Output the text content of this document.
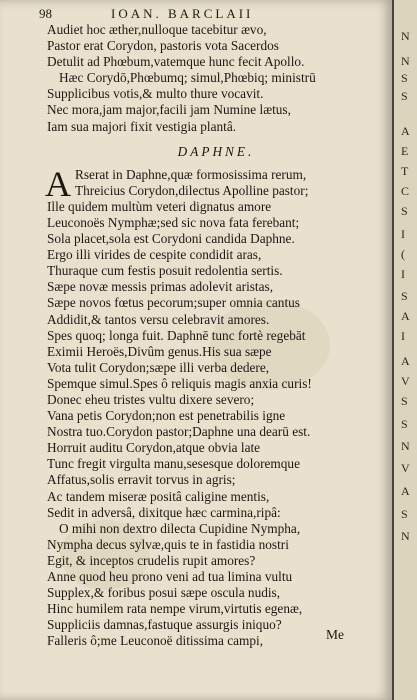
98	IOAN. BARCLAII
Audiet hoc æther,nulloque tacebitur ævo,
Pastor erat Corydon, pastoris vota Sacerdos
Detulit ad Phœbum,vatemque hunc fecit Apollo.
Hæc Corydō,Phœbumq; simul,Phœbiq; ministrū
Supplicibus votis,& multo thure vocavit.
Nec mora,jam major,facili jam Numine lætus,
Iam sua majori fixit vestigia plantâ.
DAPHNE.
A Rserat in Daphne,quæ formosissima rerum,
Threicius Corydon,dilectus Apolline pastor;
Ille quidem multùm veteri dignatus amore
Leuconoës Nymphæ;sed sic nova fata ferebant;
Sola placet,sola est Corydoni candida Daphne.
Ergo illi virides de cespite condidit aras,
Thuraque cum festis posuit redolentia sertis.
Sæpe novæ messis primas adolevit aristas,
Sæpe novos fœtus pecorum;super omnia cantus
Addidit,& tantos versu celebravit amores.
Spes quoq; longa fuit. Daphnē tunc fortè regebāt
Eximii Heroës,Divûm genus.His sua sæpe
Vota tulit Corydon;sæpe illi verba dedere,
Spemque simul.Spes ô reliquis magis anxia curis!
Donec eheu tristes vultu dixere severo;
Vana petis Corydon;non est penetrabilis igne
Nostra tuo.Corydon pastor;Daphne una dearū est.
Horruit auditu Corydon,atque obvia late
Tunc fregit virgulta manu,sesesque doloremque
Affatus,solis erravit torvus in agris;
Ac tandem miseræ positâ caligine mentis,
Sedit in adversâ, dixitque hæc carmina,ripâ:
O mihi non dextro dilecta Cupidine Nympha,
Nympha decus sylvæ,quis te in fastidia nostri
Egit, & inceptos crudelis rupit amores?
Anne quod heu prono veni ad tua limina vultu
Supplex,& foribus posui sæpe oscula nudis,
Hinc humilem rata nempe virum,virtutis egenæ,
Suppliciis damnas,fastuque assurgis iniquo?
Falleris ô;me Leuconoë ditissima campi,	Me
N
N
S
S
A
E
T
C
S
I
(
I
S
A
I
A
V
S
S
N
V
A
S
N
